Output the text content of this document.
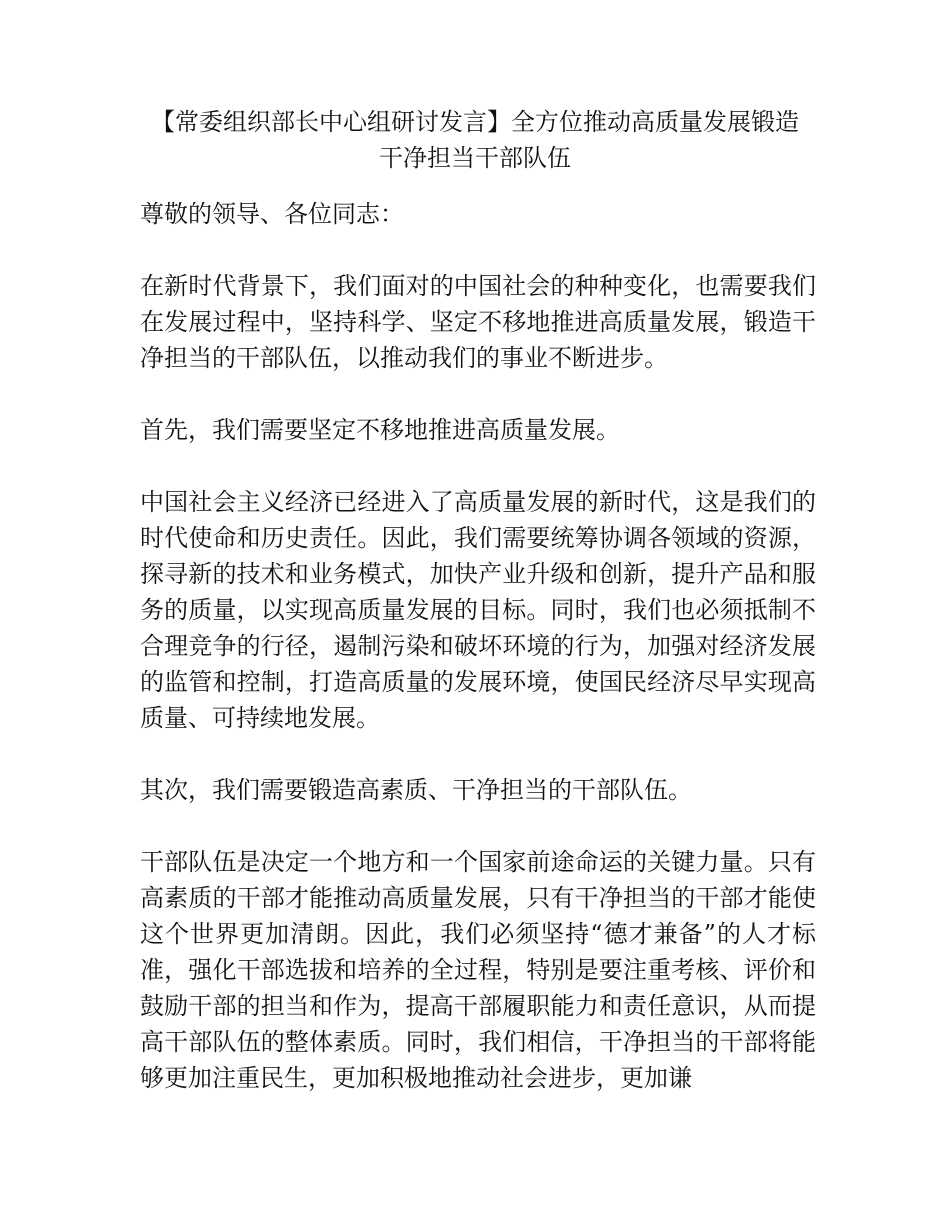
【常委组织部长中心组研讨发言】全方位推动高质量发展锻造
干净担当干部队伍

尊敬的领导、各位同志：

在新时代背景下，我们面对的中国社会的种种变化，也需要我们在发展过程中，坚持科学、坚定不移地推进高质量发展，锻造干净担当的干部队伍，以推动我们的事业不断进步。

首先，我们需要坚定不移地推进高质量发展。

中国社会主义经济已经进入了高质量发展的新时代，这是我们的时代使命和历史责任。因此，我们需要统筹协调各领域的资源，探寻新的技术和业务模式，加快产业升级和创新，提升产品和服务的质量，以实现高质量发展的目标。同时，我们也必须抵制不合理竞争的行径，遏制污染和破坏环境的行为，加强对经济发展的监管和控制，打造高质量的发展环境，使国民经济尽早实现高质量、可持续地发展。

其次，我们需要锻造高素质、干净担当的干部队伍。

干部队伍是决定一个地方和一个国家前途命运的关键力量。只有高素质的干部才能推动高质量发展，只有干净担当的干部才能使这个世界更加清朗。因此，我们必须坚持“德才兼备”的人才标准，强化干部选拔和培养的全过程，特别是要注重考核、评价和鼓励干部的担当和作为，提高干部履职能力和责任意识，从而提高干部队伍的整体素质。同时，我们相信，干净担当的干部将能够更加注重民生，更加积极地推动社会进步，更加谦
